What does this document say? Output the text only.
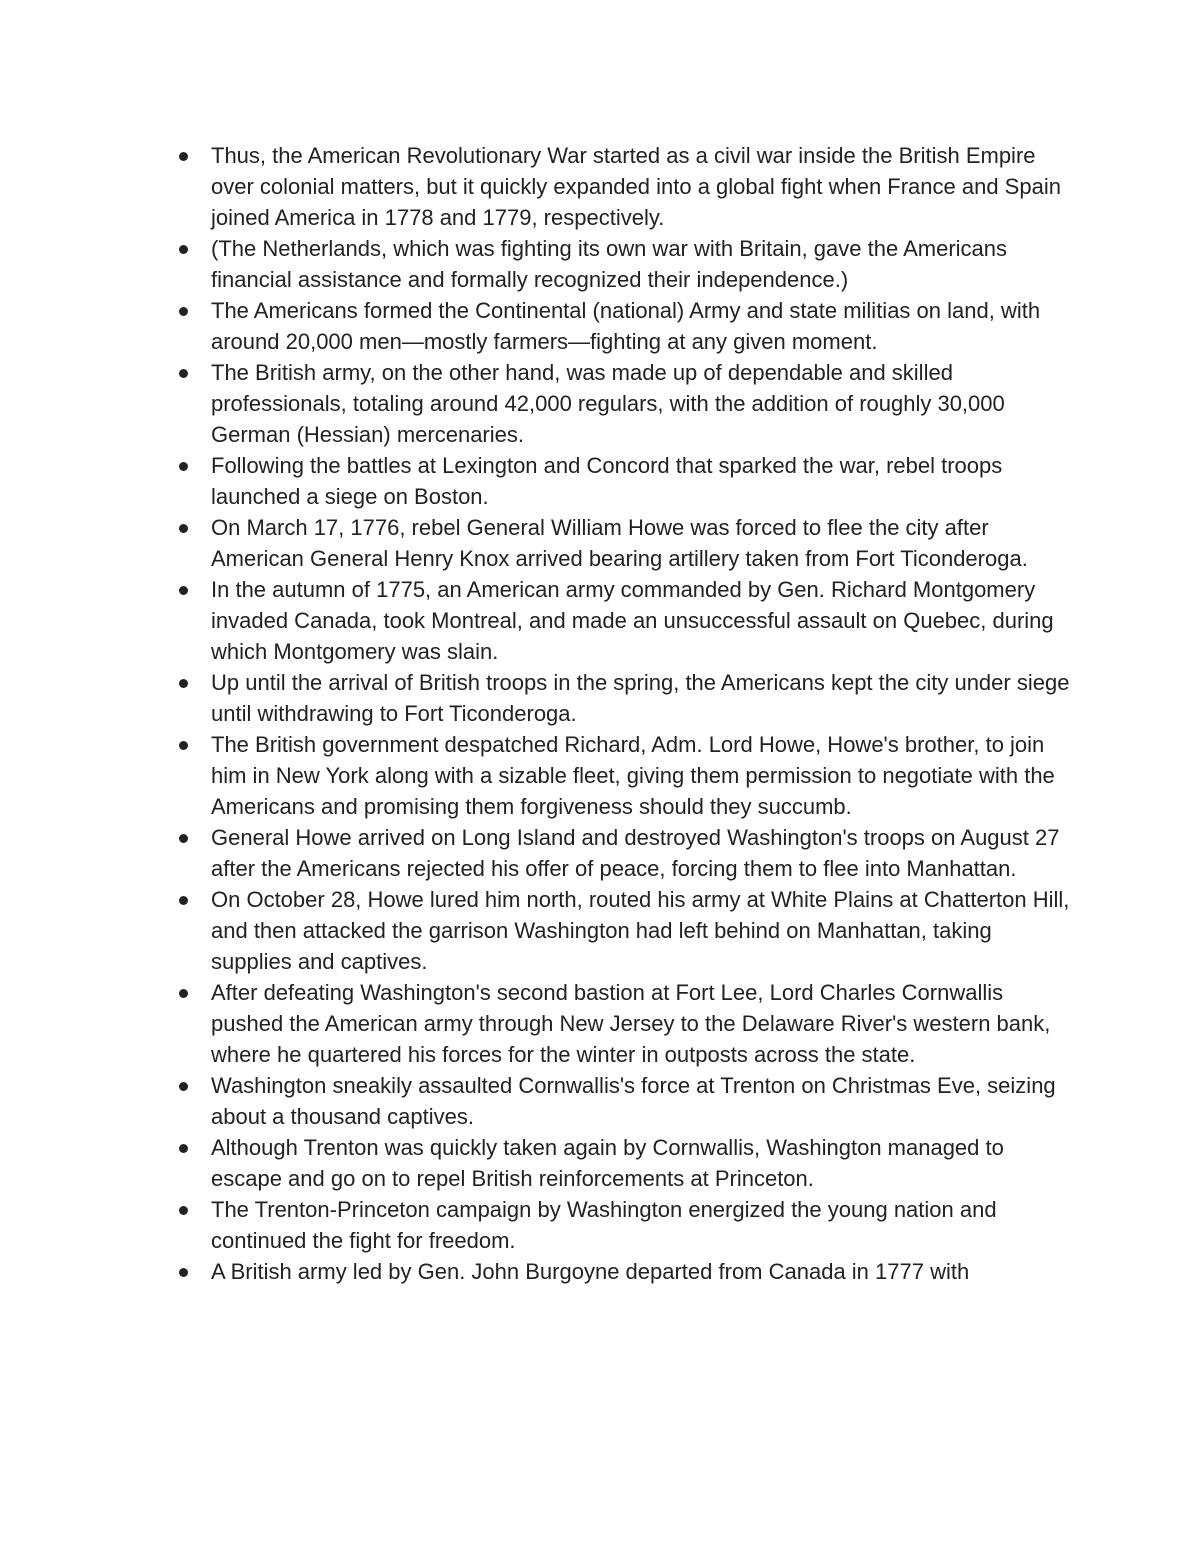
Thus, the American Revolutionary War started as a civil war inside the British Empire over colonial matters, but it quickly expanded into a global fight when France and Spain joined America in 1778 and 1779, respectively.
(The Netherlands, which was fighting its own war with Britain, gave the Americans financial assistance and formally recognized their independence.)
The Americans formed the Continental (national) Army and state militias on land, with around 20,000 men—mostly farmers—fighting at any given moment.
The British army, on the other hand, was made up of dependable and skilled professionals, totaling around 42,000 regulars, with the addition of roughly 30,000 German (Hessian) mercenaries.
Following the battles at Lexington and Concord that sparked the war, rebel troops launched a siege on Boston.
On March 17, 1776, rebel General William Howe was forced to flee the city after American General Henry Knox arrived bearing artillery taken from Fort Ticonderoga.
In the autumn of 1775, an American army commanded by Gen. Richard Montgomery invaded Canada, took Montreal, and made an unsuccessful assault on Quebec, during which Montgomery was slain.
Up until the arrival of British troops in the spring, the Americans kept the city under siege until withdrawing to Fort Ticonderoga.
The British government despatched Richard, Adm. Lord Howe, Howe's brother, to join him in New York along with a sizable fleet, giving them permission to negotiate with the Americans and promising them forgiveness should they succumb.
General Howe arrived on Long Island and destroyed Washington's troops on August 27 after the Americans rejected his offer of peace, forcing them to flee into Manhattan.
On October 28, Howe lured him north, routed his army at White Plains at Chatterton Hill, and then attacked the garrison Washington had left behind on Manhattan, taking supplies and captives.
After defeating Washington's second bastion at Fort Lee, Lord Charles Cornwallis pushed the American army through New Jersey to the Delaware River's western bank, where he quartered his forces for the winter in outposts across the state.
Washington sneakily assaulted Cornwallis's force at Trenton on Christmas Eve, seizing about a thousand captives.
Although Trenton was quickly taken again by Cornwallis, Washington managed to escape and go on to repel British reinforcements at Princeton.
The Trenton-Princeton campaign by Washington energized the young nation and continued the fight for freedom.
A British army led by Gen. John Burgoyne departed from Canada in 1777 with
